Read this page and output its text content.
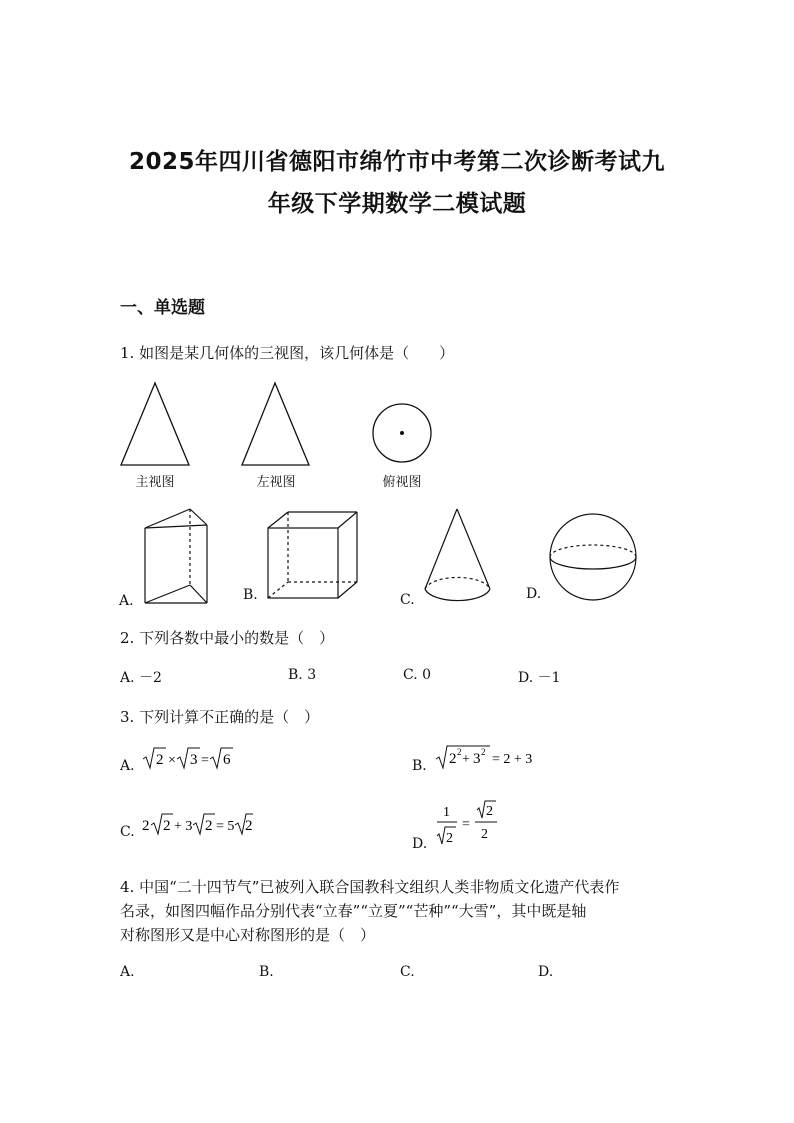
2025年四川省德阳市绵竹市中考第二次诊断考试九
年级下学期数学二模试题
一、单选题
1. 如图是某几何体的三视图，该几何体是（　　）
主视图	左视图	俯视图
A.	B.	C.	D.
2. 下列各数中最小的数是（　）
A. －2	B. 3	C. 0	D. －1
3. 下列计算不正确的是（　）
A. 2 × 3 = 6	B. 2 2 + 3 2 = 2 + 3
C. 2 2 + 3 2 = 5 2
D.
1
2
=
2
2
4. 中国“二十四节气”已被列入联合国教科文组织人类非物质文化遗产代表作
名录，如图四幅作品分别代表“立春”“立夏”“芒种”“大雪”，其中既是轴
对称图形又是中心对称图形的是（　）
A.	B.	C.	D.
